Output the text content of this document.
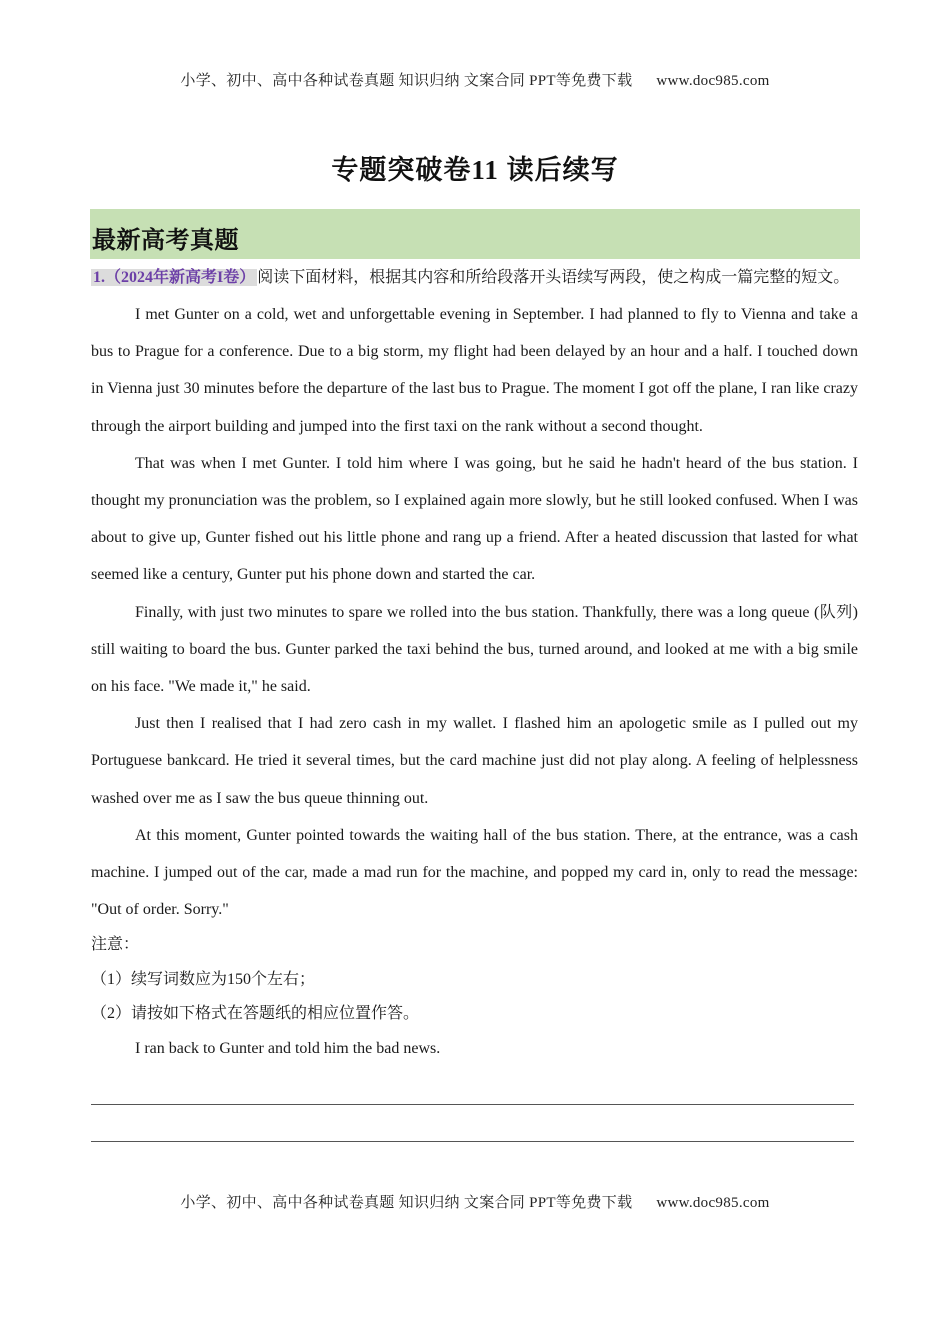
小学、初中、高中各种试卷真题 知识归纳 文案合同 PPT等免费下载 www.doc985.com
专题突破卷11 读后续写
最新高考真题
1.（2024年新高考I卷） 阅读下面材料，根据其内容和所给段落开头语续写两段，使之构成一篇完整的短文。

I met Gunter on a cold, wet and unforgettable evening in September. I had planned to fly to Vienna and take a bus to Prague for a conference. Due to a big storm, my flight had been delayed by an hour and a half. I touched down in Vienna just 30 minutes before the departure of the last bus to Prague. The moment I got off the plane, I ran like crazy through the airport building and jumped into the first taxi on the rank without a second thought.

That was when I met Gunter. I told him where I was going, but he said he hadn't heard of the bus station. I thought my pronunciation was the problem, so I explained again more slowly, but he still looked confused. When I was about to give up, Gunter fished out his little phone and rang up a friend. After a heated discussion that lasted for what seemed like a century, Gunter put his phone down and started the car.

Finally, with just two minutes to spare we rolled into the bus station. Thankfully, there was a long queue (队列) still waiting to board the bus. Gunter parked the taxi behind the bus, turned around, and looked at me with a big smile on his face. "We made it," he said.

Just then I realised that I had zero cash in my wallet. I flashed him an apologetic smile as I pulled out my Portuguese bankcard. He tried it several times, but the card machine just did not play along. A feeling of helplessness washed over me as I saw the bus queue thinning out.

At this moment, Gunter pointed towards the waiting hall of the bus station. There, at the entrance, was a cash machine. I jumped out of the car, made a mad run for the machine, and popped my card in, only to read the message: "Out of order. Sorry."

注意：
（1）续写词数应为150个左右；
（2）请按如下格式在答题纸的相应位置作答。
I ran back to Gunter and told him the bad news.
小学、初中、高中各种试卷真题 知识归纳 文案合同 PPT等免费下载 www.doc985.com
